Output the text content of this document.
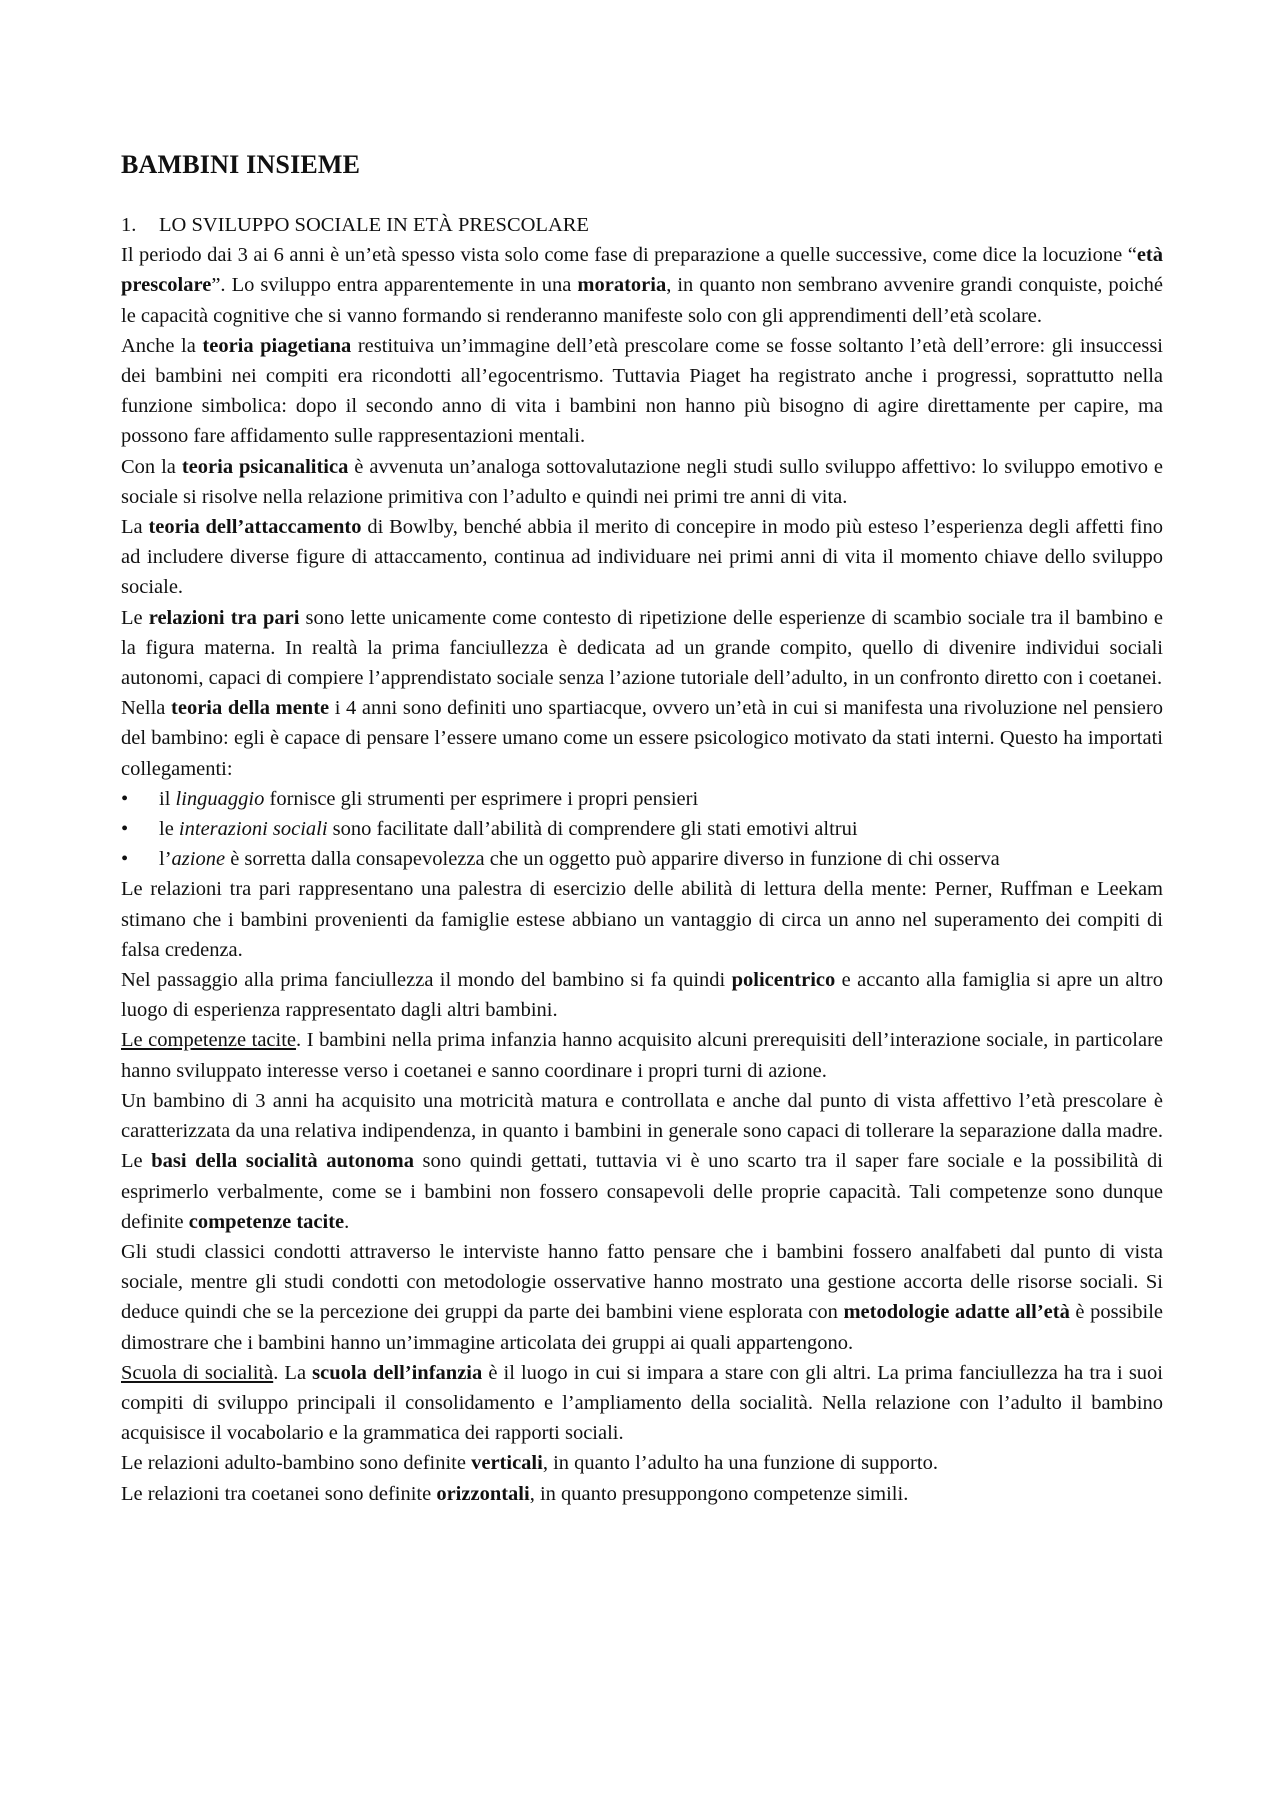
BAMBINI INSIEME
1. LO SVILUPPO SOCIALE IN ETÀ PRESCOLARE

Il periodo dai 3 ai 6 anni è un’età spesso vista solo come fase di preparazione a quelle successive, come dice la locuzione “età prescolare”. Lo sviluppo entra apparentemente in una moratoria, in quanto non sembrano avvenire grandi conquiste, poiché le capacità cognitive che si vanno formando si renderanno manifeste solo con gli apprendimenti dell’età scolare.

Anche la teoria piagetiana restituiva un’immagine dell’età prescolare come se fosse soltanto l’età dell’errore: gli insuccessi dei bambini nei compiti era ricondotti all’egocentrismo. Tuttavia Piaget ha registrato anche i progressi, soprattutto nella funzione simbolica: dopo il secondo anno di vita i bambini non hanno più bisogno di agire direttamente per capire, ma possono fare affidamento sulle rappresentazioni mentali.

Con la teoria psicanalitica è avvenuta un’analoga sottovalutazione negli studi sullo sviluppo affettivo: lo sviluppo emotivo e sociale si risolve nella relazione primitiva con l’adulto e quindi nei primi tre anni di vita.

La teoria dell’attaccamento di Bowlby, benché abbia il merito di concepire in modo più esteso l’esperienza degli affetti fino ad includere diverse figure di attaccamento, continua ad individuare nei primi anni di vita il momento chiave dello sviluppo sociale.

Le relazioni tra pari sono lette unicamente come contesto di ripetizione delle esperienze di scambio sociale tra il bambino e la figura materna. In realtà la prima fanciullezza è dedicata ad un grande compito, quello di divenire individui sociali autonomi, capaci di compiere l’apprendistato sociale senza l’azione tutoriale dell’adulto, in un confronto diretto con i coetanei.

Nella teoria della mente i 4 anni sono definiti uno spartiacque, ovvero un’età in cui si manifesta una rivoluzione nel pensiero del bambino: egli è capace di pensare l’essere umano come un essere psicologico motivato da stati interni. Questo ha importati collegamenti:

• il linguaggio fornisce gli strumenti per esprimere i propri pensieri
• le interazioni sociali sono facilitate dall’abilità di comprendere gli stati emotivi altrui
• l’azione è sorretta dalla consapevolezza che un oggetto può apparire diverso in funzione di chi osserva

Le relazioni tra pari rappresentano una palestra di esercizio delle abilità di lettura della mente: Perner, Ruffman e Leekam stimano che i bambini provenienti da famiglie estese abbiano un vantaggio di circa un anno nel superamento dei compiti di falsa credenza.

Nel passaggio alla prima fanciullezza il mondo del bambino si fa quindi policentrico e accanto alla famiglia si apre un altro luogo di esperienza rappresentato dagli altri bambini.

Le competenze tacite. I bambini nella prima infanzia hanno acquisito alcuni prerequisiti dell’interazione sociale, in particolare hanno sviluppato interesse verso i coetanei e sanno coordinare i propri turni di azione.

Un bambino di 3 anni ha acquisito una motricità matura e controllata e anche dal punto di vista affettivo l’età prescolare è caratterizzata da una relativa indipendenza, in quanto i bambini in generale sono capaci di tollerare la separazione dalla madre. Le basi della socialità autonoma sono quindi gettati, tuttavia vi è uno scarto tra il saper fare sociale e la possibilità di esprimerlo verbalmente, come se i bambini non fossero consapevoli delle proprie capacità. Tali competenze sono dunque definite competenze tacite.

Gli studi classici condotti attraverso le interviste hanno fatto pensare che i bambini fossero analfabeti dal punto di vista sociale, mentre gli studi condotti con metodologie osservative hanno mostrato una gestione accorta delle risorse sociali. Si deduce quindi che se la percezione dei gruppi da parte dei bambini viene esplorata con metodologie adatte all’età è possibile dimostrare che i bambini hanno un’immagine articolata dei gruppi ai quali appartengono.

Scuola di socialità. La scuola dell’infanzia è il luogo in cui si impara a stare con gli altri. La prima fanciullezza ha tra i suoi compiti di sviluppo principali il consolidamento e l’ampliamento della socialità. Nella relazione con l’adulto il bambino acquisisce il vocabolario e la grammatica dei rapporti sociali.

Le relazioni adulto-bambino sono definite verticali, in quanto l’adulto ha una funzione di supporto.

Le relazioni tra coetanei sono definite orizzontali, in quanto presuppongono competenze simili.
